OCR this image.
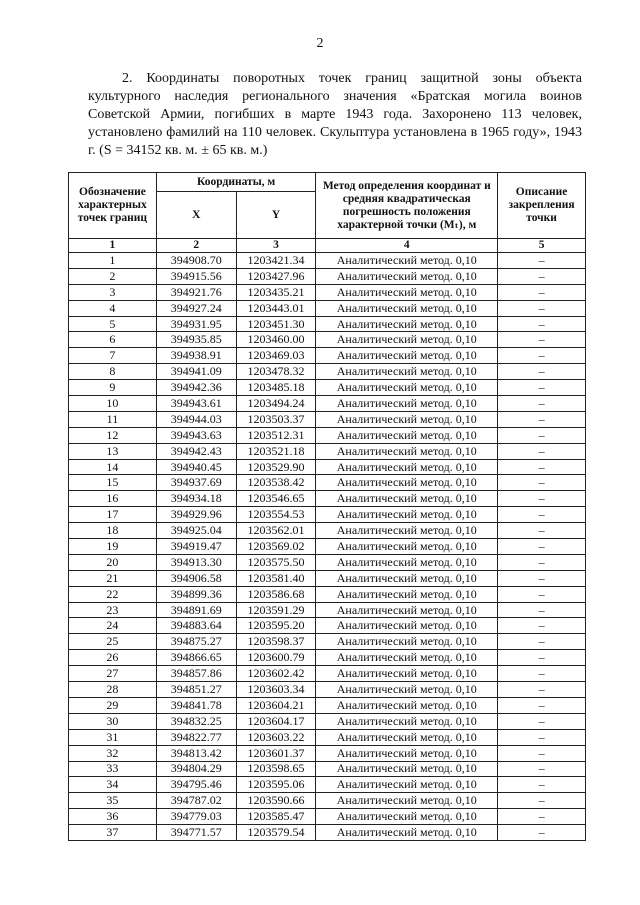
2
2. Координаты поворотных точек границ защитной зоны объекта культурного наследия регионального значения «Братская могила воинов Советской Армии, погибших в марте 1943 года. Захоронено 113 человек, установлено фамилий на 110 человек. Скульптура установлена в 1965 году», 1943 г. (S = 34152 кв. м. ± 65 кв. м.)
Обозначение характерных точек границ	Координаты, м		Метод определения координат и средняя квадратическая погрешность положения характерной точки (Mₜ), м	Описание закрепления точки
	X	Y		
1	2	3	4	5
1	394908.70	1203421.34	Аналитический метод. 0,10	–
2	394915.56	1203427.96	Аналитический метод. 0,10	–
3	394921.76	1203435.21	Аналитический метод. 0,10	–
4	394927.24	1203443.01	Аналитический метод. 0,10	–
5	394931.95	1203451.30	Аналитический метод. 0,10	–
6	394935.85	1203460.00	Аналитический метод. 0,10	–
7	394938.91	1203469.03	Аналитический метод. 0,10	–
8	394941.09	1203478.32	Аналитический метод. 0,10	–
9	394942.36	1203485.18	Аналитический метод. 0,10	–
10	394943.61	1203494.24	Аналитический метод. 0,10	–
11	394944.03	1203503.37	Аналитический метод. 0,10	–
12	394943.63	1203512.31	Аналитический метод. 0,10	–
13	394942.43	1203521.18	Аналитический метод. 0,10	–
14	394940.45	1203529.90	Аналитический метод. 0,10	–
15	394937.69	1203538.42	Аналитический метод. 0,10	–
16	394934.18	1203546.65	Аналитический метод. 0,10	–
17	394929.96	1203554.53	Аналитический метод. 0,10	–
18	394925.04	1203562.01	Аналитический метод. 0,10	–
19	394919.47	1203569.02	Аналитический метод. 0,10	–
20	394913.30	1203575.50	Аналитический метод. 0,10	–
21	394906.58	1203581.40	Аналитический метод. 0,10	–
22	394899.36	1203586.68	Аналитический метод. 0,10	–
23	394891.69	1203591.29	Аналитический метод. 0,10	–
24	394883.64	1203595.20	Аналитический метод. 0,10	–
25	394875.27	1203598.37	Аналитический метод. 0,10	–
26	394866.65	1203600.79	Аналитический метод. 0,10	–
27	394857.86	1203602.42	Аналитический метод. 0,10	–
28	394851.27	1203603.34	Аналитический метод. 0,10	–
29	394841.78	1203604.21	Аналитический метод. 0,10	–
30	394832.25	1203604.17	Аналитический метод. 0,10	–
31	394822.77	1203603.22	Аналитический метод. 0,10	–
32	394813.42	1203601.37	Аналитический метод. 0,10	–
33	394804.29	1203598.65	Аналитический метод. 0,10	–
34	394795.46	1203595.06	Аналитический метод. 0,10	–
35	394787.02	1203590.66	Аналитический метод. 0,10	–
36	394779.03	1203585.47	Аналитический метод. 0,10	–
37	394771.57	1203579.54	Аналитический метод. 0,10	–
